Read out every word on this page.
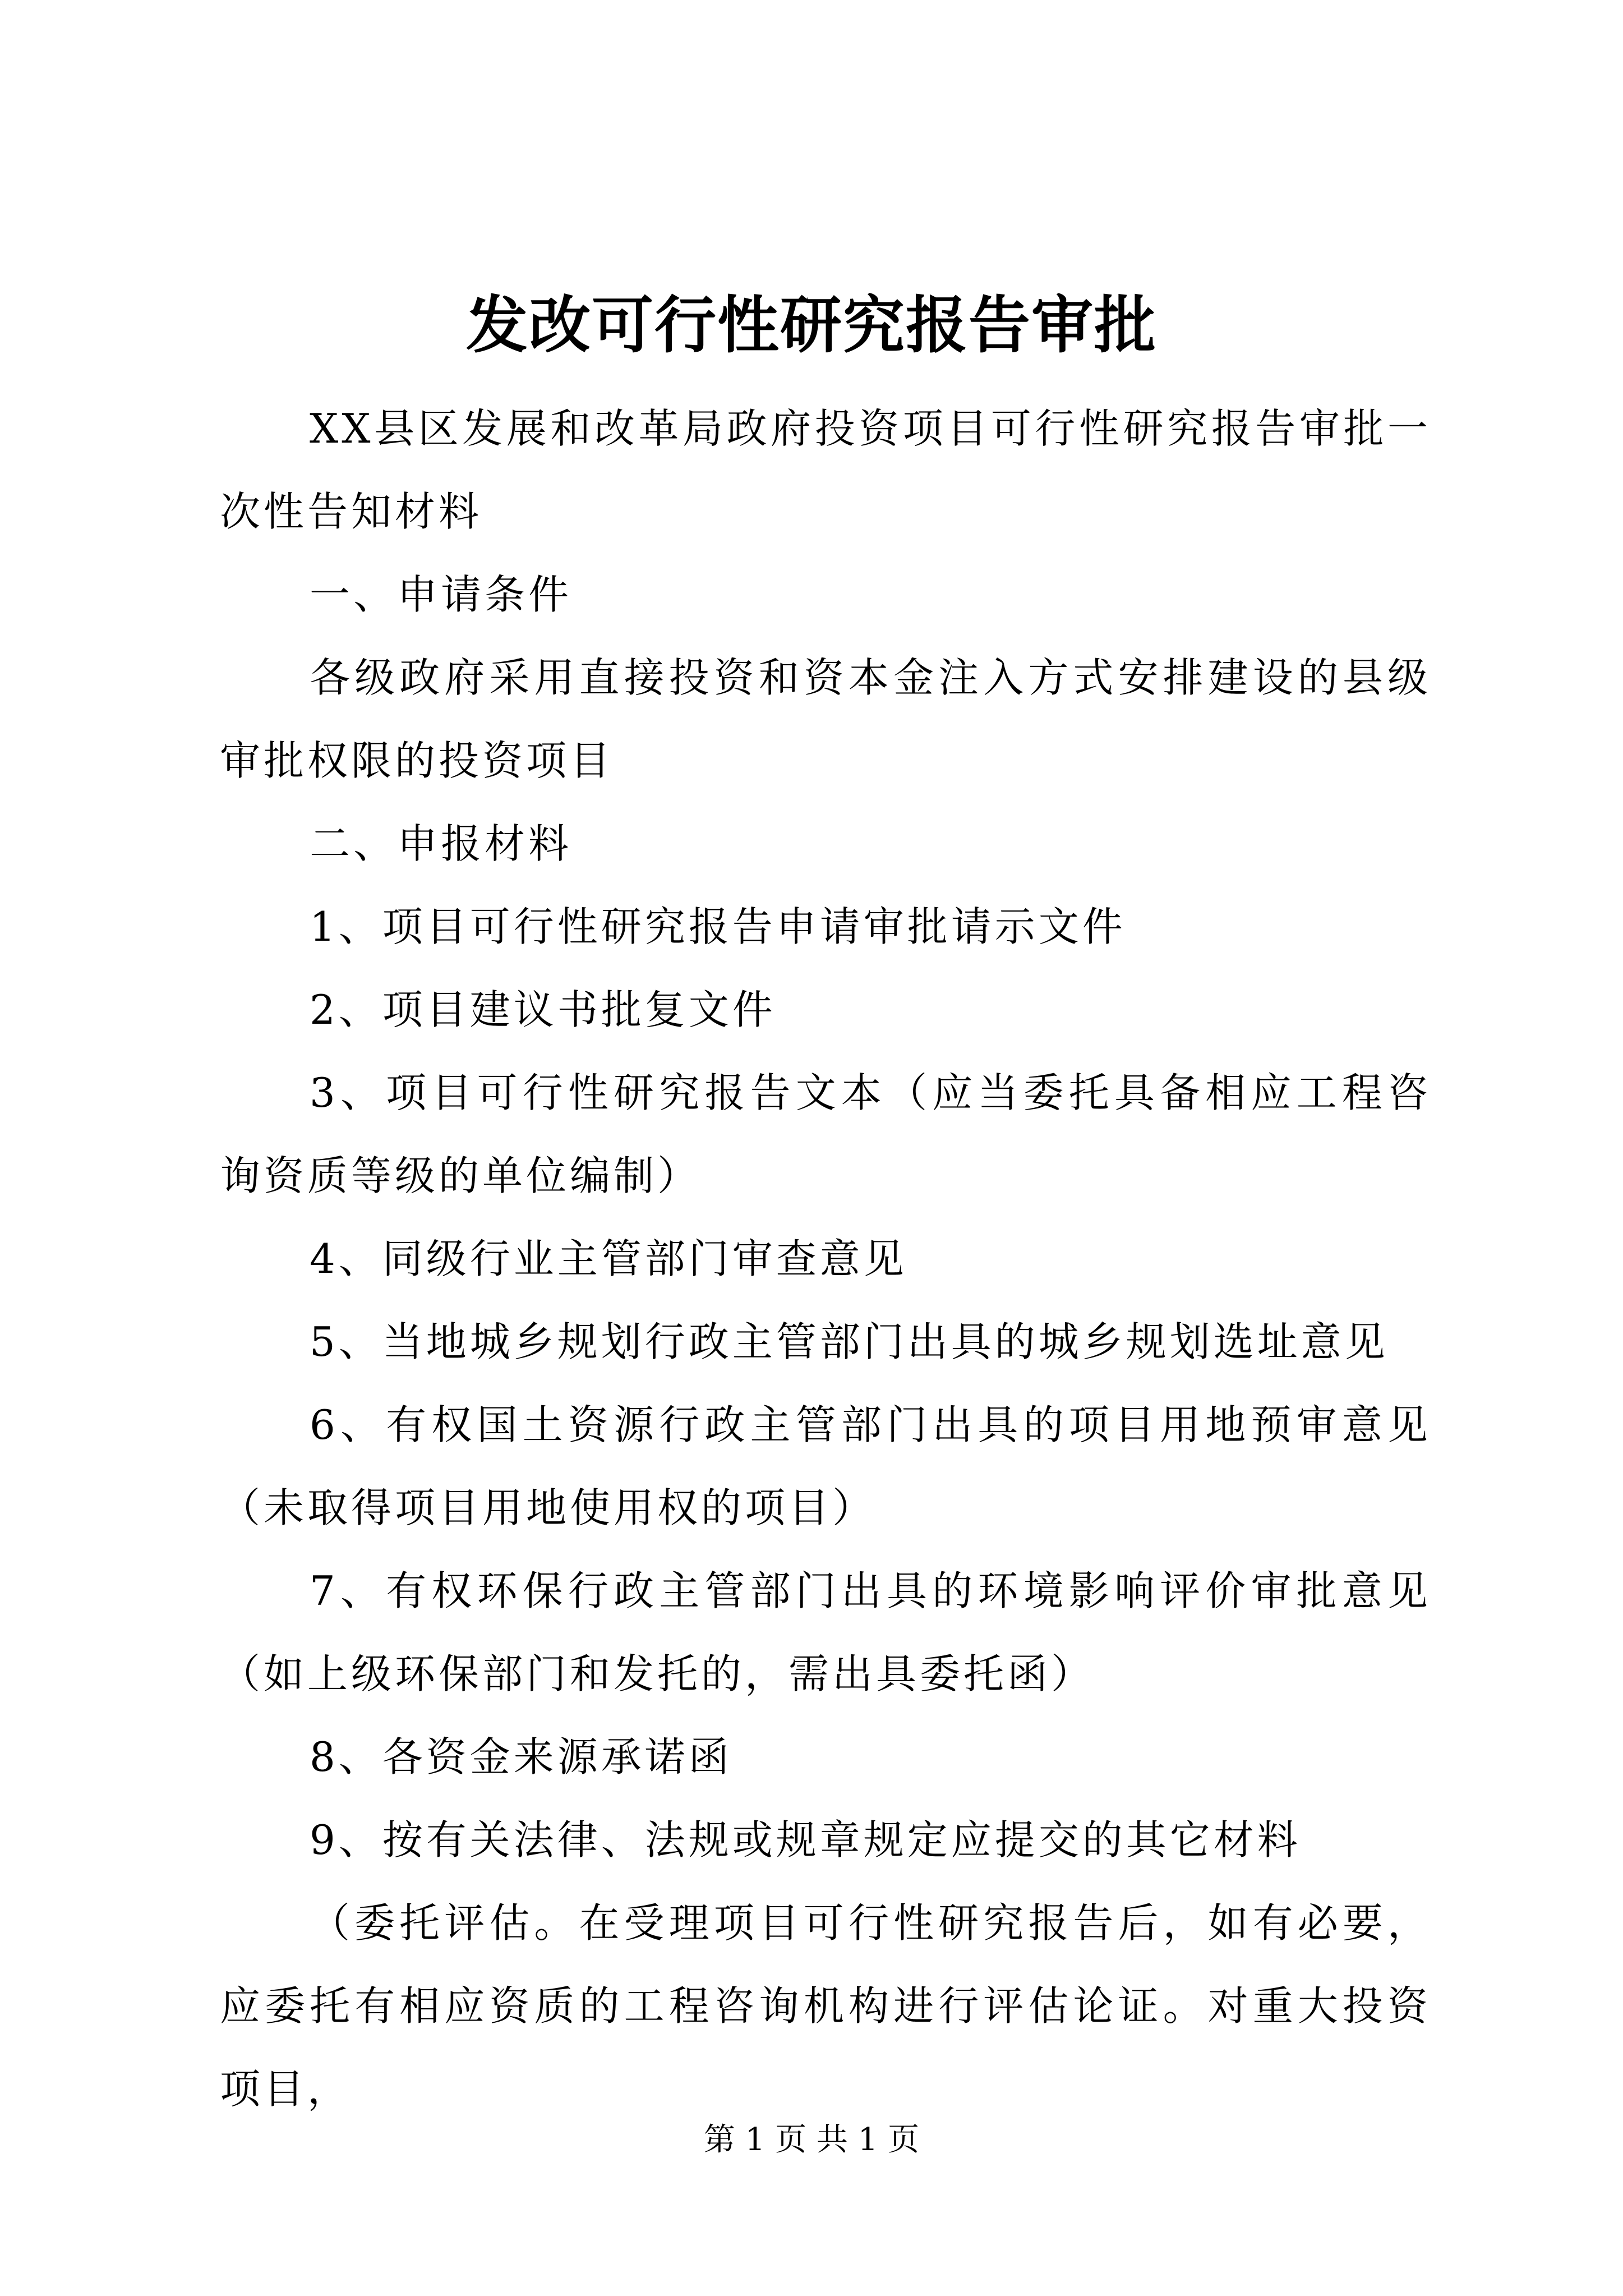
发改可行性研究报告审批

XX县区发展和改革局政府投资项目可行性研究报告审批一次性告知材料

一、申请条件

各级政府采用直接投资和资本金注入方式安排建设的县级审批权限的投资项目

二、申报材料

1、项目可行性研究报告申请审批请示文件

2、项目建议书批复文件

3、项目可行性研究报告文本（应当委托具备相应工程咨询资质等级的单位编制）

4、同级行业主管部门审查意见

5、当地城乡规划行政主管部门出具的城乡规划选址意见

6、有权国土资源行政主管部门出具的项目用地预审意见（未取得项目用地使用权的项目）

7、有权环保行政主管部门出具的环境影响评价审批意见（如上级环保部门和发托的，需出具委托函）

8、各资金来源承诺函

9、按有关法律、法规或规章规定应提交的其它材料

（委托评估。在受理项目可行性研究报告后，如有必要，应委托有相应资质的工程咨询机构进行评估论证。对重大投资项目，

第 1 页 共 1 页
